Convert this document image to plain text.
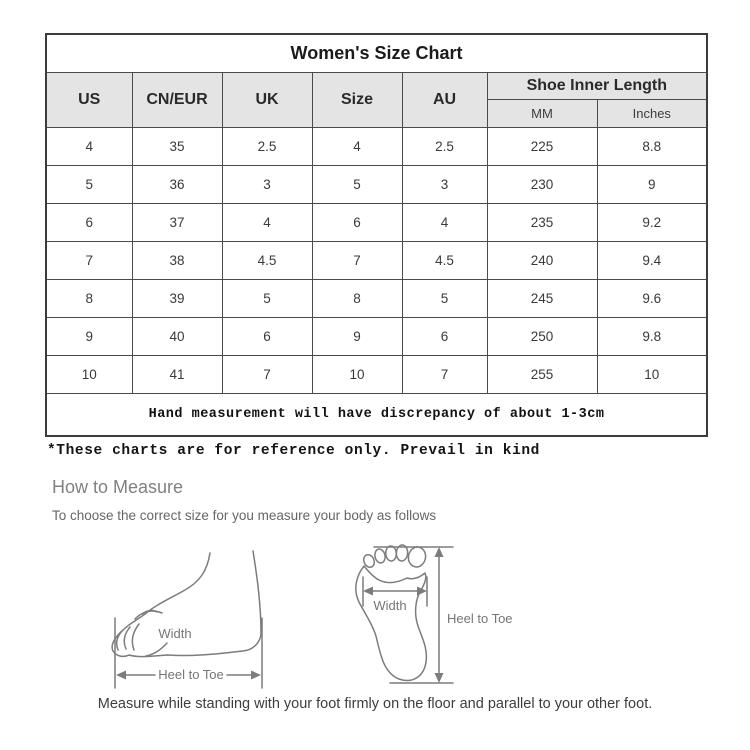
Women's Size Chart						
US	CN/EUR	UK	Size	AU	Shoe Inner Length	
					MM	Inches
4	35	2.5	4	2.5	225	8.8
5	36	3	5	3	230	9
6	37	4	6	4	235	9.2
7	38	4.5	7	4.5	240	9.4
8	39	5	8	5	245	9.6
9	40	6	9	6	250	9.8
10	41	7	10	7	255	10
Hand measurement will have discrepancy of about 1-3cm						
*These charts are for reference only. Prevail in kind
How to Measure
To choose the correct size for you measure your body as follows
Width
Heel to Toe
Width
Heel to Toe
Measure while standing with your foot firmly on the floor and parallel to your other foot.
